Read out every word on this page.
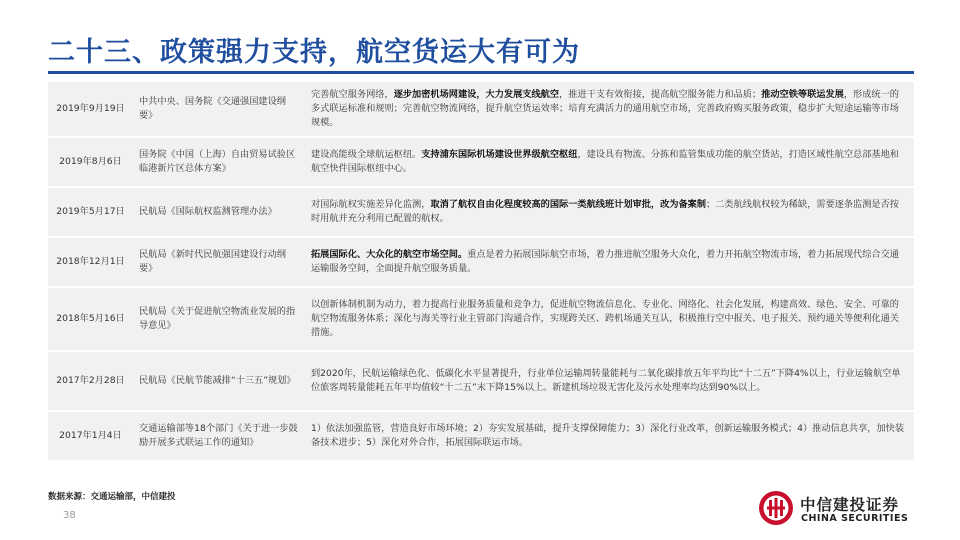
二十三、政策强力支持，航空货运大有可为
2019年9月19日	中共中央、国务院《交通强国建设纲要》	完善航空服务网络，逐步加密机场网建设，大力发展支线航空，推进干支有效衔接，提高航空服务能力和品质；推动空铁等联运发展，形成统一的多式联运标准和规则；完善航空物流网络，提升航空货运效率；培育充满活力的通用航空市场，完善政府购买服务政策，稳步扩大短途运输等市场规模。
2019年8月6日	国务院《中国（上海）自由贸易试验区临港新片区总体方案》	建设高能级全球航运枢纽。支持浦东国际机场建设世界级航空枢纽，建设具有物流、分拣和监管集成功能的航空货站，打造区域性航空总部基地和航空快件国际枢纽中心。
2019年5月17日	民航局《国际航权监测管理办法》	对国际航权实施差异化监测，取消了航权自由化程度较高的国际一类航线班计划审批，改为备案制；二类航线航权较为稀缺，需要逐条监测是否按时用航并充分利用已配置的航权。
2018年12月1日	民航局《新时代民航强国建设行动纲要》	拓展国际化、大众化的航空市场空间。重点是着力拓展国际航空市场，着力推进航空服务大众化，着力开拓航空物流市场，着力拓展现代综合交通运输服务空间，全面提升航空服务质量。
2018年5月16日	民航局《关于促进航空物流业发展的指导意见》	以创新体制机制为动力，着力提高行业服务质量和竞争力，促进航空物流信息化、专业化、网络化、社会化发展，构建高效、绿色、安全、可靠的航空物流服务体系；深化与海关等行业主管部门沟通合作，实现跨关区、跨机场通关互认，积极推行空中报关、电子报关、预约通关等便利化通关措施。
2017年2月28日	民航局《民航节能减排“十三五”规划》	到2020年，民航运输绿色化、低碳化水平显著提升，行业单位运输周转量能耗与二氧化碳排放五年平均比“十二五”下降4%以上，行业运输航空单位旅客周转量能耗五年平均值较“十二五”末下降15%以上。新建机场垃圾无害化及污水处理率均达到90%以上。
2017年1月4日	交通运输部等18个部门《关于进一步鼓励开展多式联运工作的通知》	1）依法加强监管，营造良好市场环境；2）夯实发展基础，提升支撑保障能力；3）深化行业改革，创新运输服务模式；4）推动信息共享，加快装备技术进步；5）深化对外合作，拓展国际联运市场。
数据来源：交通运输部，中信建投
38
中信建投证券
CHINA SECURITIES
